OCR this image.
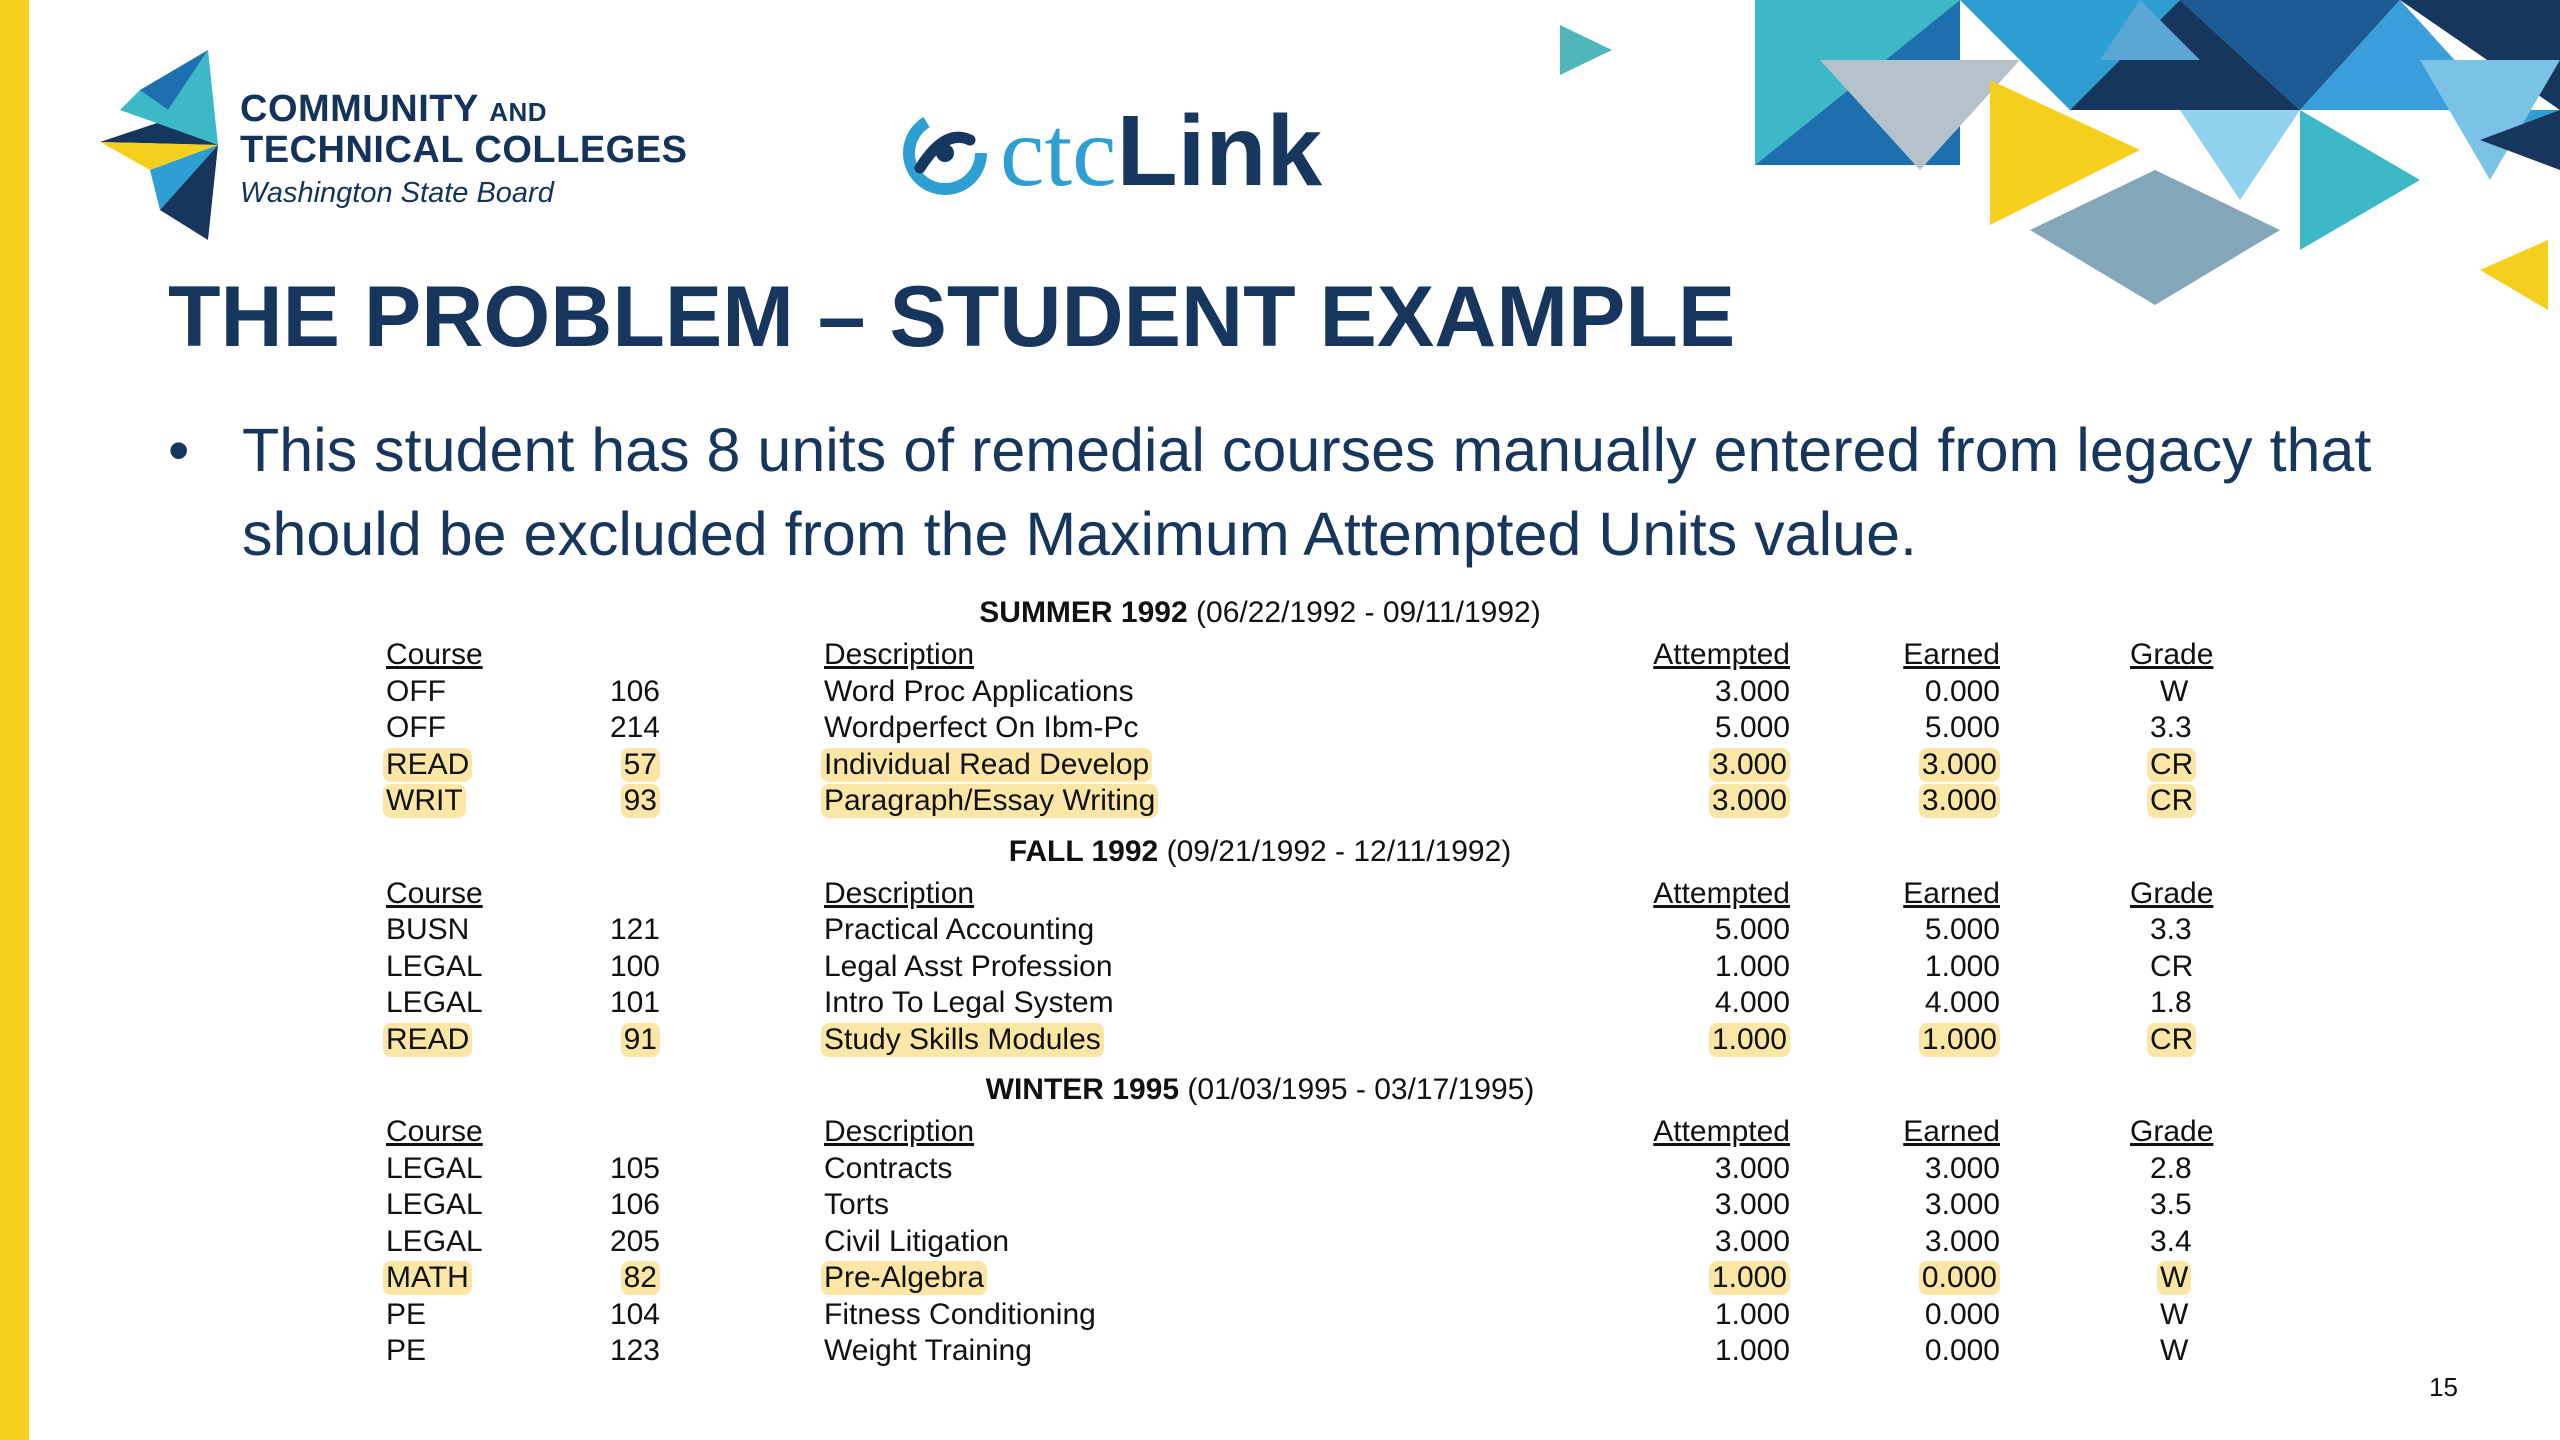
COMMUNITY AND
TECHNICAL COLLEGES
Washington State Board	ctcLink
THE PROBLEM – STUDENT EXAMPLE
• This student has 8 units of remedial courses manually entered from legacy that should be excluded from the Maximum Attempted Units value.
SUMMER 1992 (06/22/1992 - 09/11/1992)
Course	Description	Attempted	Earned	Grade
OFF	106	Word Proc Applications	3.000	0.000	W
OFF	214	Wordperfect On Ibm-Pc	5.000	5.000	3.3
READ	57	Individual Read Develop	3.000	3.000	CR
WRIT	93	Paragraph/Essay Writing	3.000	3.000	CR
FALL 1992 (09/21/1992 - 12/11/1992)
Course	Description	Attempted	Earned	Grade
BUSN	121	Practical Accounting	5.000	5.000	3.3
LEGAL	100	Legal Asst Profession	1.000	1.000	CR
LEGAL	101	Intro To Legal System	4.000	4.000	1.8
READ	91	Study Skills Modules	1.000	1.000	CR
WINTER 1995 (01/03/1995 - 03/17/1995)
Course	Description	Attempted	Earned	Grade
LEGAL	105	Contracts	3.000	3.000	2.8
LEGAL	106	Torts	3.000	3.000	3.5
LEGAL	205	Civil Litigation	3.000	3.000	3.4
MATH	82	Pre-Algebra	1.000	0.000	W
PE	104	Fitness Conditioning	1.000	0.000	W
PE	123	Weight Training	1.000	0.000	W
15
